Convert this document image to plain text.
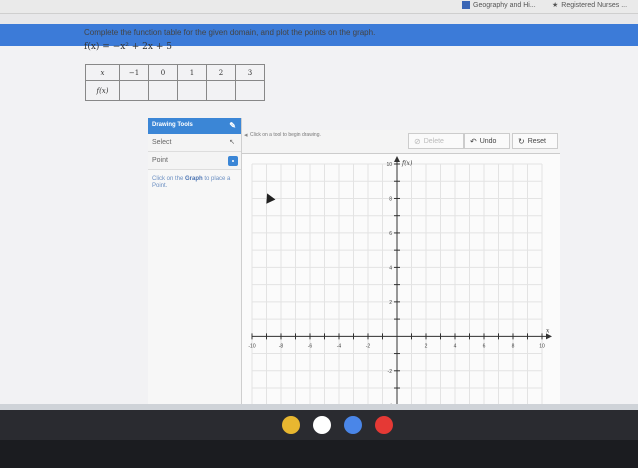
Geography and Hi... ★ Registered Nurses ...
Complete the function table for the given domain, and plot the points on the graph.
f(x) = −x² + 2x + 5
x	−1	0	1	2	3
f(x)					
Drawing Tools	✎
Select	↖
Point
Click on the Graph to place a Point.
◂ Click on a tool to begin drawing.
⊘ Delete	↶ Undo	↻ Reset
-10	-8	-6	-4	-2	2	4	6	8	10
10
8
6
4
2
-2
x
f(x)
